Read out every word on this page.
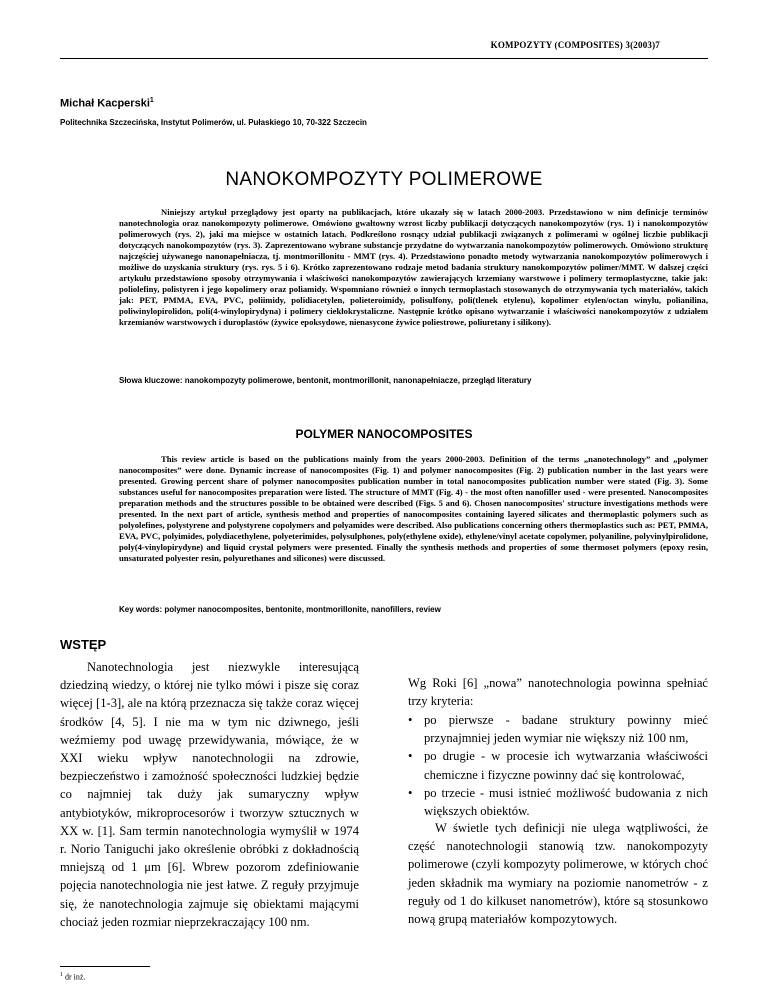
KOMPOZYTY (COMPOSITES) 3(2003)7
Michał Kacperski$^1$
Politechnika Szczecińska, Instytut Polimerów, ul. Pułaskiego 10, 70-322 Szczecin
NANOKOMPOZYTY POLIMEROWE
Niniejszy artykuł przeglądowy jest oparty na publikacjach, które ukazały się w latach 2000-2003. Przedstawiono w nim definicje terminów nanotechnologia oraz nanokompozyty polimerowe. Omówiono gwałtowny wzrost liczby publikacji dotyczących nanokompozytów (rys. 1) i nanokompozytów polimerowych (rys. 2), jaki ma miejsce w ostatnich latach. Podkreślono rosnący udział publikacji związanych z polimerami w ogólnej liczbie publikacji dotyczących nanokompozytów (rys. 3). Zaprezentowano wybrane substancje przydatne do wytwarzania nanokompozytów polimerowych. Omówiono strukturę najczęściej używanego nanonapełniacza, tj. montmorillonitu - MMT (rys. 4). Przedstawiono ponadto metody wytwarzania nanokompozytów polimerowych i możliwe do uzyskania struktury (rys. rys. 5 i 6). Krótko zaprezentowano rodzaje metod badania struktury nanokompozytów polimer/MMT. W dalszej części artykułu przedstawiono sposoby otrzymywania i właściwości nanokompozytów zawierających krzemiany warstwowe i polimery termoplastyczne, takie jak: poliolefiny, polistyren i jego kopolimery oraz poliamidy. Wspomniano również o innych termoplastach stosowanych do otrzymywania tych materiałów, takich jak: PET, PMMA, EVA, PVC, poliimidy, polidiacetylen, polieteroimidy, polisulfony, poli(tlenek etylenu), kopolimer etylen/octan winylu, polianilina, poliwinylopirolidon, poli(4-winylopirydyna) i polimery ciekłokrystaliczne. Następnie krótko opisano wytwarzanie i właściwości nanokompozytów z udziałem krzemianów warstwowych i duroplastów (żywice epoksydowe, nienasycone żywice poliestrowe, poliuretany i silikony).
Słowa kluczowe: nanokompozyty polimerowe, bentonit, montmorillonit, nanonapełniacze, przegląd literatury
POLYMER NANOCOMPOSITES
This review article is based on the publications mainly from the years 2000-2003. Definition of the terms „nanotechnology” and „polymer nanocomposites” were done. Dynamic increase of nanocomposites (Fig. 1) and polymer nanocomposites (Fig. 2) publication number in the last years were presented. Growing percent share of polymer nanocomposites publication number in total nanocomposites publication number were stated (Fig. 3). Some substances useful for nanocomposites preparation were listed. The structure of MMT (Fig. 4) - the most often nanofiller used - were presented. Nanocomposites preparation methods and the structures possible to be obtained were described (Figs. 5 and 6). Chosen nanocomposites' structure investigations methods were presented. In the next part of article, synthesis method and properties of nanocomposites containing layered silicates and thermoplastic polymers such as polyolefines, polystyrene and polystyrene copolymers and polyamides were described. Also publications concerning others thermoplastics such as: PET, PMMA, EVA, PVC, polyimides, polydiacethylene, polyeterimides, polysulphones, poly(ethylene oxide), ethylene/vinyl acetate copolymer, polyaniline, polyvinylpirolidone, poly(4-vinylopirydyne) and liquid crystal polymers were presented. Finally the synthesis methods and properties of some thermoset polymers (epoxy resin, unsaturated polyester resin, polyurethanes and silicones) were discussed.
Key words: polymer nanocomposites, bentonite, montmorillonite, nanofillers, review
WSTĘP
Nanotechnologia jest niezwykle interesującą dziedziną wiedzy, o której nie tylko mówi i pisze się coraz więcej [1-3], ale na którą przeznacza się także coraz więcej środków [4, 5]. I nie ma w tym nic dziwnego, jeśli weźmiemy pod uwagę przewidywania, mówiące, że w XXI wieku wpływ nanotechnologii na zdrowie, bezpieczeństwo i zamożność społeczności ludzkiej będzie co najmniej tak duży jak sumaryczny wpływ antybiotyków, mikroprocesorów i tworzyw sztucznych w XX w. [1]. Sam termin nanotechnologia wymyślił w 1974 r. Norio Taniguchi jako określenie obróbki z dokładnością mniejszą od 1 μm [6]. Wbrew pozorom zdefiniowanie pojęcia nanotechnologia nie jest łatwe. Z reguły przyjmuje się, że nanotechnologia zajmuje się obiektami mającymi chociaż jeden rozmiar nieprzekraczający 100 nm.
Wg Roki [6] „nowa” nanotechnologia powinna spełniać trzy kryteria:
• po pierwsze - badane struktury powinny mieć przynajmniej jeden wymiar nie większy niż 100 nm,
• po drugie - w procesie ich wytwarzania właściwości chemiczne i fizyczne powinny dać się kontrolować,
• po trzecie - musi istnieć możliwość budowania z nich większych obiektów.
W świetle tych definicji nie ulega wątpliwości, że część nanotechnologii stanowią tzw. nanokompozyty polimerowe (czyli kompozyty polimerowe, w których choć jeden składnik ma wymiary na poziomie nanometrów - z reguły od 1 do kilkuset nanometrów), które są stosunkowo nową grupą materiałów kompozytowych.
$^1$ dr inż.
